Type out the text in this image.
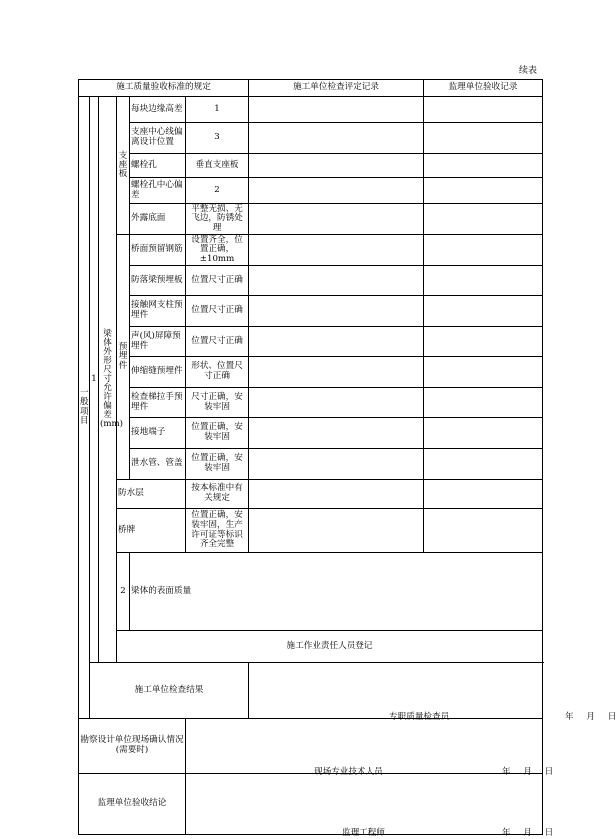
续表
施工质量验收标准的规定						施工单位检查评定记录	监理单位验收记录	
一般项目	1	梁体外形尺寸允许偏差(mm)	支座板	每块边缘高差	1		

				支座中心线偏离设计位置	3		

				螺栓孔	垂直支座板			
				螺栓孔中心偏差	2		

				外露底面	平整无损、无飞边，防锈处理			
			预埋件	桥面预留钢筋	设置齐全，位置正确，±10mm			
				防落梁预埋板	位置尺寸正确			
				接触网支柱预埋件	位置尺寸正确			
				声(风)屏障预埋件	位置尺寸正确			
				伸缩缝预埋件	形状、位置尺寸正确			
				检查梯拉手预埋件	尺寸正确，安装牢固			
				接地端子	位置正确，安装牢固			
				泄水管、管盖	位置正确，安装牢固			
			防水层		按本标准中有关规定			
			桥牌		位置正确，安装牢固，生产许可证等标识齐全完整			
			2	梁体的表面质量	

			施工作业责任人员登记					
	施工单位检查结果					专职质量检查员 年 月 日		

勘察设计单位现场确认情况(需要时)					现场专业技术人员 年 月 日			

监理单位验收结论					监理工程师 年 月 日			
